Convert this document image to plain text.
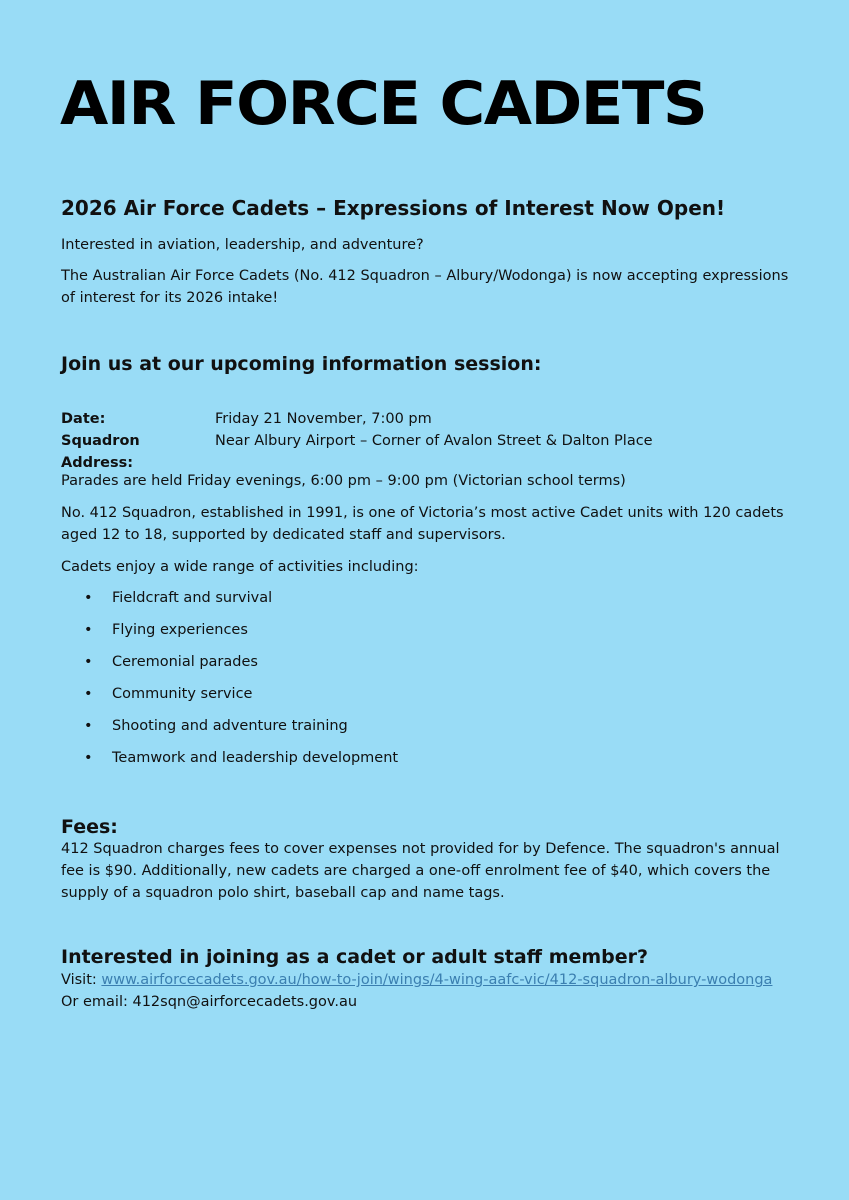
AIR FORCE CADETS
2026 Air Force Cadets – Expressions of Interest Now Open!

Interested in aviation, leadership, and adventure?

The Australian Air Force Cadets (No. 412 Squadron – Albury/Wodonga) is now accepting expressions of interest for its 2026 intake!

Join us at our upcoming information session:
Date:	Friday 21 November, 7:00 pm
Squadron Address:
Near Albury Airport – Corner of Avalon Street & Dalton Place

Parades are held Friday evenings, 6:00 pm – 9:00 pm (Victorian school terms)

No. 412 Squadron, established in 1991, is one of Victoria’s most active Cadet units with 120 cadets aged 12 to 18, supported by dedicated staff and supervisors.

Cadets enjoy a wide range of activities including:

•	Fieldcraft and survival
•	Flying experiences
•	Ceremonial parades
•	Community service
•	Shooting and adventure training
•	Teamwork and leadership development
Fees:

412 Squadron charges fees to cover expenses not provided for by Defence. The squadron's annual fee is $90. Additionally, new cadets are charged a one-off enrolment fee of $40, which covers the supply of a squadron polo shirt, baseball cap and name tags.

Interested in joining as a cadet or adult staff member?

Visit: www.airforcecadets.gov.au/how-to-join/wings/4-wing-aafc-vic/412-squadron-albury-wodonga

Or email: 412sqn@airforcecadets.gov.au
